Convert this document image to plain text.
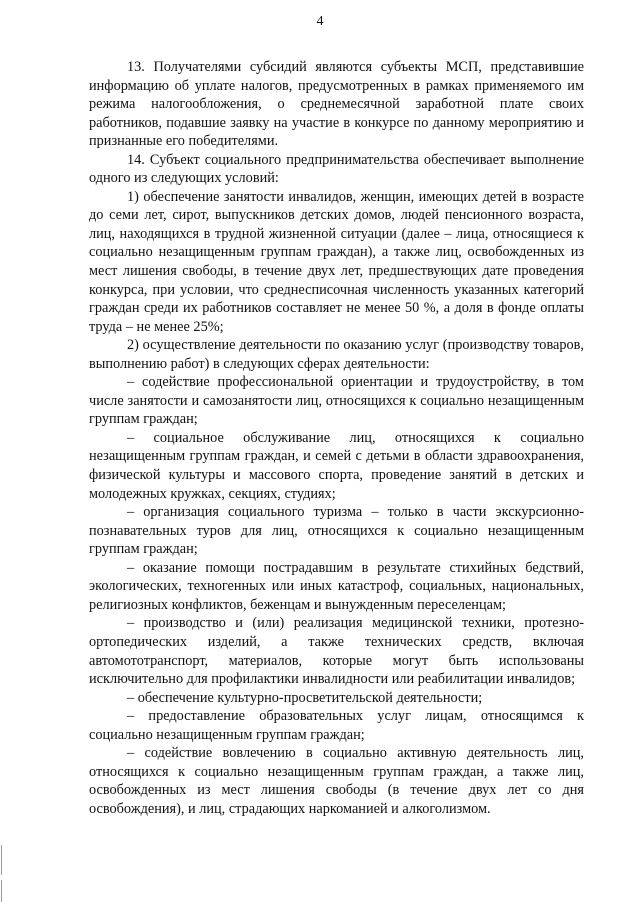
4

13. Получателями субсидий являются субъекты МСП, представившие информацию об уплате налогов, предусмотренных в рамках применяемого им режима налогообложения, о среднемесячной заработной плате своих работников, подавшие заявку на участие в конкурсе по данному мероприятию и признанные его победителями.

14. Субъект социального предпринимательства обеспечивает выполнение одного из следующих условий:

1) обеспечение занятости инвалидов, женщин, имеющих детей в возрасте до семи лет, сирот, выпускников детских домов, людей пенсионного возраста, лиц, находящихся в трудной жизненной ситуации (далее – лица, относящиеся к социально незащищенным группам граждан), а также лиц, освобожденных из мест лишения свободы, в течение двух лет, предшествующих дате проведения конкурса, при условии, что среднесписочная численность указанных категорий граждан среди их работников составляет не менее 50 %, а доля в фонде оплаты труда – не менее 25%;

2) осуществление деятельности по оказанию услуг (производству товаров, выполнению работ) в следующих сферах деятельности:

– содействие профессиональной ориентации и трудоустройству, в том числе занятости и самозанятости лиц, относящихся к социально незащищенным группам граждан;

– социальное обслуживание лиц, относящихся к социально незащищенным группам граждан, и семей с детьми в области здравоохранения, физической культуры и массового спорта, проведение занятий в детских и молодежных кружках, секциях, студиях;

– организация социального туризма – только в части экскурсионно-познавательных туров для лиц, относящихся к социально незащищенным группам граждан;

– оказание помощи пострадавшим в результате стихийных бедствий, экологических, техногенных или иных катастроф, социальных, национальных, религиозных конфликтов, беженцам и вынужденным переселенцам;

– производство и (или) реализация медицинской техники, протезно-ортопедических изделий, а также технических средств, включая автомототранспорт, материалов, которые могут быть использованы исключительно для профилактики инвалидности или реабилитации инвалидов;

– обеспечение культурно-просветительской деятельности;

– предоставление образовательных услуг лицам, относящимся к социально незащищенным группам граждан;

– содействие вовлечению в социально активную деятельность лиц, относящихся к социально незащищенным группам граждан, а также лиц, освобожденных из мест лишения свободы (в течение двух лет со дня освобождения), и лиц, страдающих наркоманией и алкоголизмом.
